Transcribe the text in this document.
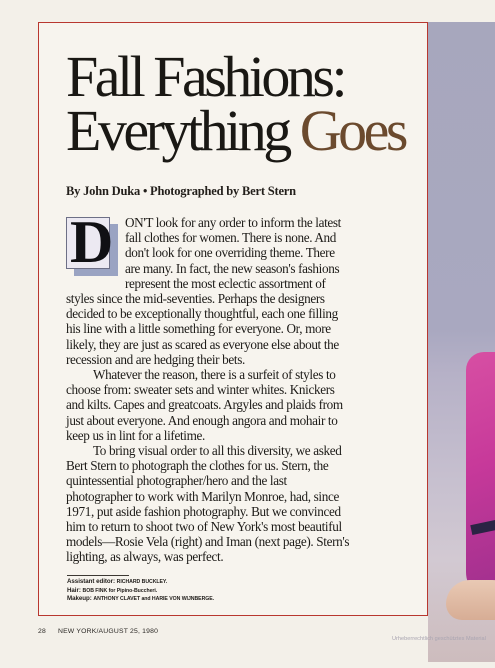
Fall Fashions:
Everything Goes
By John Duka • Photographed by Bert Stern

D ON'T look for any order to inform the latest fall clothes for women. There is none. And don't look for one overriding theme. There are many. In fact, the new season's fashions represent the most eclectic assortment of styles since the mid-seventies. Perhaps the designers decided to be exceptionally thoughtful, each one filling his line with a little something for everyone. Or, more likely, they are just as scared as everyone else about the recession and are hedging their bets.

Whatever the reason, there is a surfeit of styles to choose from: sweater sets and winter whites. Knickers and kilts. Capes and greatcoats. Argyles and plaids from just about everyone. And enough angora and mohair to keep us in lint for a lifetime.

To bring visual order to all this diversity, we asked Bert Stern to photograph the clothes for us. Stern, the quintessential photographer/hero and the last photographer to work with Marilyn Monroe, had, since 1971, put aside fashion photography. But we convinced him to return to shoot two of New York's most beautiful models—Rosie Vela (right) and Iman (next page). Stern's lighting, as always, was perfect.

Assistant editor: RICHARD BUCKLEY.
Hair: BOB FINK for Pipino-Buccheri.
Makeup: ANTHONY CLAVET and HARIE VON WIJNBERGE.
28 NEW YORK/AUGUST 25, 1980
Urheberrechtlich geschütztes Material
